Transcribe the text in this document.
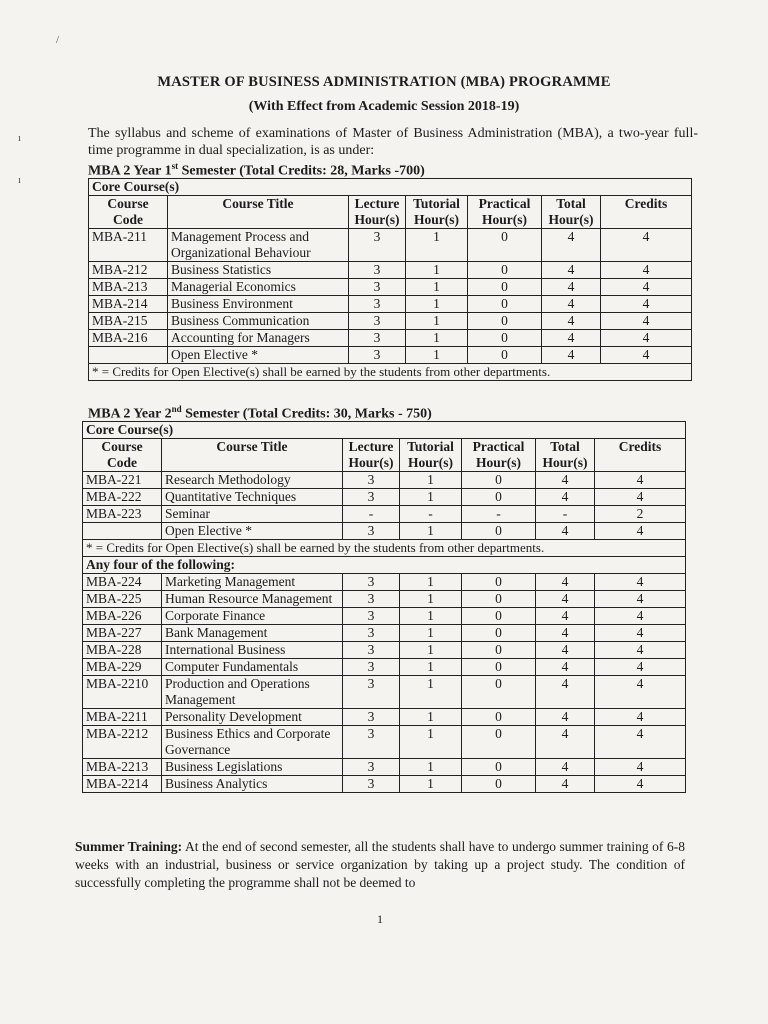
/
ı
ı
MASTER OF BUSINESS ADMINISTRATION (MBA) PROGRAMME
(With Effect from Academic Session 2018-19)
The syllabus and scheme of examinations of Master of Business Administration (MBA), a two-year full-time programme in dual specialization, is as under:
MBA 2 Year 1st Semester (Total Credits: 28, Marks -700)
Core Course(s)						
Course Code	Course Title	Lecture Hour(s)	Tutorial Hour(s)	Practical Hour(s)	Total Hour(s)	Credits
MBA-211	Management Process and Organizational Behaviour	3	1	0	4	4
MBA-212	Business Statistics	3	1	0	4	4
MBA-213	Managerial Economics	3	1	0	4	4
MBA-214	Business Environment	3	1	0	4	4
MBA-215	Business Communication	3	1	0	4	4
MBA-216	Accounting for Managers	3	1	0	4	4
	Open Elective *	3	1	0	4	4
* = Credits for Open Elective(s) shall be earned by the students from other departments.						
MBA 2 Year 2nd Semester (Total Credits: 30, Marks - 750)
Core Course(s)						
Course Code	Course Title	Lecture Hour(s)	Tutorial Hour(s)	Practical Hour(s)	Total Hour(s)	Credits
MBA-221	Research Methodology	3	1	0	4	4
MBA-222	Quantitative Techniques	3	1	0	4	4
MBA-223	Seminar	-	-	-	-	2
	Open Elective *	3	1	0	4	4
* = Credits for Open Elective(s) shall be earned by the students from other departments.						
Any four of the following:						
MBA-224	Marketing Management	3	1	0	4	4
MBA-225	Human Resource Management	3	1	0	4	4
MBA-226	Corporate Finance	3	1	0	4	4
MBA-227	Bank Management	3	1	0	4	4
MBA-228	International Business	3	1	0	4	4
MBA-229	Computer Fundamentals	3	1	0	4	4
MBA-2210	Production and Operations Management	3	1	0	4	4
MBA-2211	Personality Development	3	1	0	4	4
MBA-2212	Business Ethics and Corporate Governance	3	1	0	4	4
MBA-2213	Business Legislations	3	1	0	4	4
MBA-2214	Business Analytics	3	1	0	4	4
Summer Training: At the end of second semester, all the students shall have to undergo summer training of 6-8 weeks with an industrial, business or service organization by taking up a project study. The condition of successfully completing the programme shall not be deemed to
1
